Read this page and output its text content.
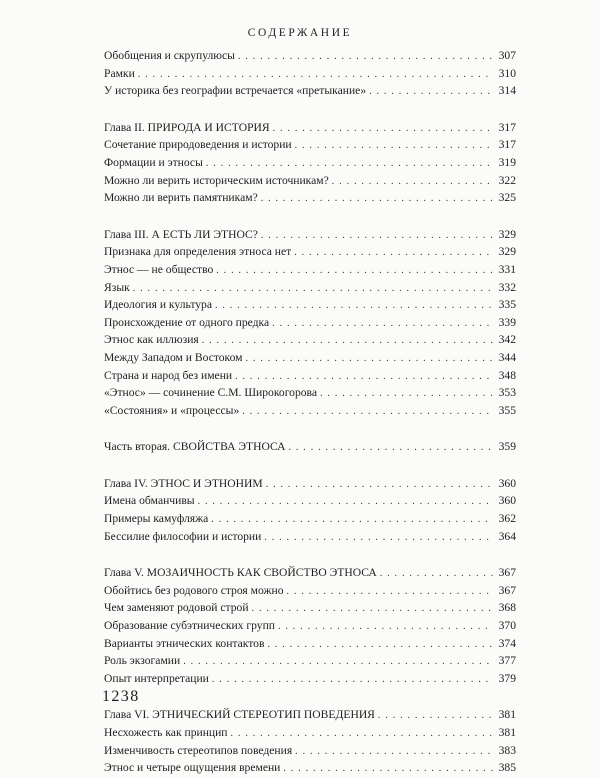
СОДЕРЖАНИЕ
Обобщения и скрупулюсы . . .	307
Рамки . . .	310
У историка без географии встречается «претыкание» . . .	314
Глава II. ПРИРОДА И ИСТОРИЯ . . .	317
Сочетание природоведения и истории . . .	317
Формации и этносы . . .	319
Можно ли верить историческим источникам? . . .	322
Можно ли верить памятникам? . . .	325
Глава III. А ЕСТЬ ЛИ ЭТНОС? . . .	329
Признака для определения этноса нет . . .	329
Этнос — не общество . . .	331
Язык . . .	332
Идеология и культура . . .	335
Происхождение от одного предка . . .	339
Этнос как иллюзия . . .	342
Между Западом и Востоком . . .	344
Страна и народ без имени . . .	348
«Этнос» — сочинение С.М. Широкогорова . . .	353
«Состояния» и «процессы» . . .	355
Часть вторая. СВОЙСТВА ЭТНОСА . . .	359
Глава IV. ЭТНОС И ЭТНОНИМ . . .	360
Имена обманчивы . . .	360
Примеры камуфляжа . . .	362
Бессилие философии и истории . . .	364
Глава V. МОЗАИЧНОСТЬ КАК СВОЙСТВО ЭТНОСА . . .	367
Обойтись без родового строя можно . . .	367
Чем заменяют родовой строй . . .	368
Образование субэтнических групп . . .	370
Варианты этнических контактов . . .	374
Роль экзогамии . . .	377
Опыт интерпретации . . .	379
Глава VI. ЭТНИЧЕСКИЙ СТЕРЕОТИП ПОВЕДЕНИЯ . . .	381
Несхожесть как принцип . . .	381
Изменчивость стереотипов поведения . . .	383
Этнос и четыре ощущения времени . . .	385
1238
